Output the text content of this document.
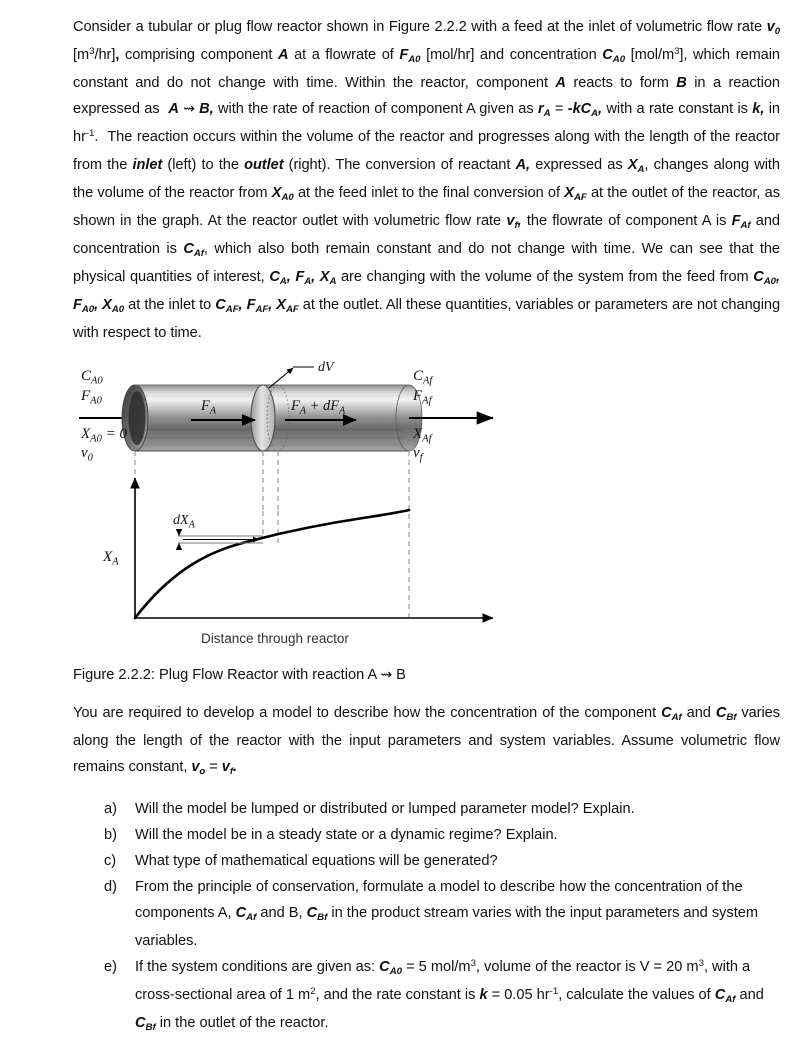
Consider a tubular or plug flow reactor shown in Figure 2.2.2 with a feed at the inlet of volumetric flow rate $v_0$ $[m^3/hr]$, comprising component A at a flowrate of $F_{A0}$ [mol/hr] and concentration $C_{A0}$ $[mol/m^3]$, which remain constant and do not change with time. Within the reactor, component A reacts to form B in a reaction expressed as  A ⇝ B, with the rate of reaction of component A given as $r_A = -kC_A$, with a rate constant is k, in $hr^{-1}$.  The reaction occurs within the volume of the reactor and progresses along with the length of the reactor from the inlet (left) to the outlet (right). The conversion of reactant A, expressed as $X_A$, changes along with the volume of the reactor from $X_{A0}$ at the feed inlet to the final conversion of $X_{AF}$ at the outlet of the reactor, as shown in the graph. At the reactor outlet with volumetric flow rate $v_f$, the flowrate of component A is $F_{Af}$ and concentration is $C_{Af}$, which also both remain constant and do not change with time. We can see that the physical quantities of interest, $C_A$, $F_A$, $X_A$ are changing with the volume of the system from the feed from $C_{A0}$, $F_{A0}$, $X_{A0}$ at the inlet to $C_{AF}$, $F_{AF}$, $X_{AF}$ at the outlet. All these quantities, variables or parameters are not changing with respect to time.

dV
$F_A$	$F_A + dF_A$
$C_{A0}$
$F_{A0}$
$X_{A0} = 0$
$v_0$
$C_{Af}$
$F_{Af}$
$X_{Af}$
$v_f$
$dX_A$
$X_A$
Distance through reactor

Figure 2.2.2: Plug Flow Reactor with reaction A ⇝ B

You are required to develop a model to describe how the concentration of the component $C_{Af}$ and $C_{Bf}$ varies along the length of the reactor with the input parameters and system variables. Assume volumetric flow remains constant, $v_o = v_f$.

a)	Will the model be lumped or distributed or lumped parameter model? Explain.
b)	Will the model be in a steady state or a dynamic regime? Explain.
c)	What type of mathematical equations will be generated?
d)	From the principle of conservation, formulate a model to describe how the concentration of the components A, $C_{Af}$ and B, $C_{Bf}$ in the product stream varies with the input parameters and system variables.
e)	If the system conditions are given as: $C_{A0} = 5$ mol/$m^3$, volume of the reactor is V = 20 $m^3$, with a cross-sectional area of 1 $m^2$, and the rate constant is k = 0.05 $hr^{-1}$, calculate the values of $C_{Af}$ and $C_{Bf}$ in the outlet of the reactor.
